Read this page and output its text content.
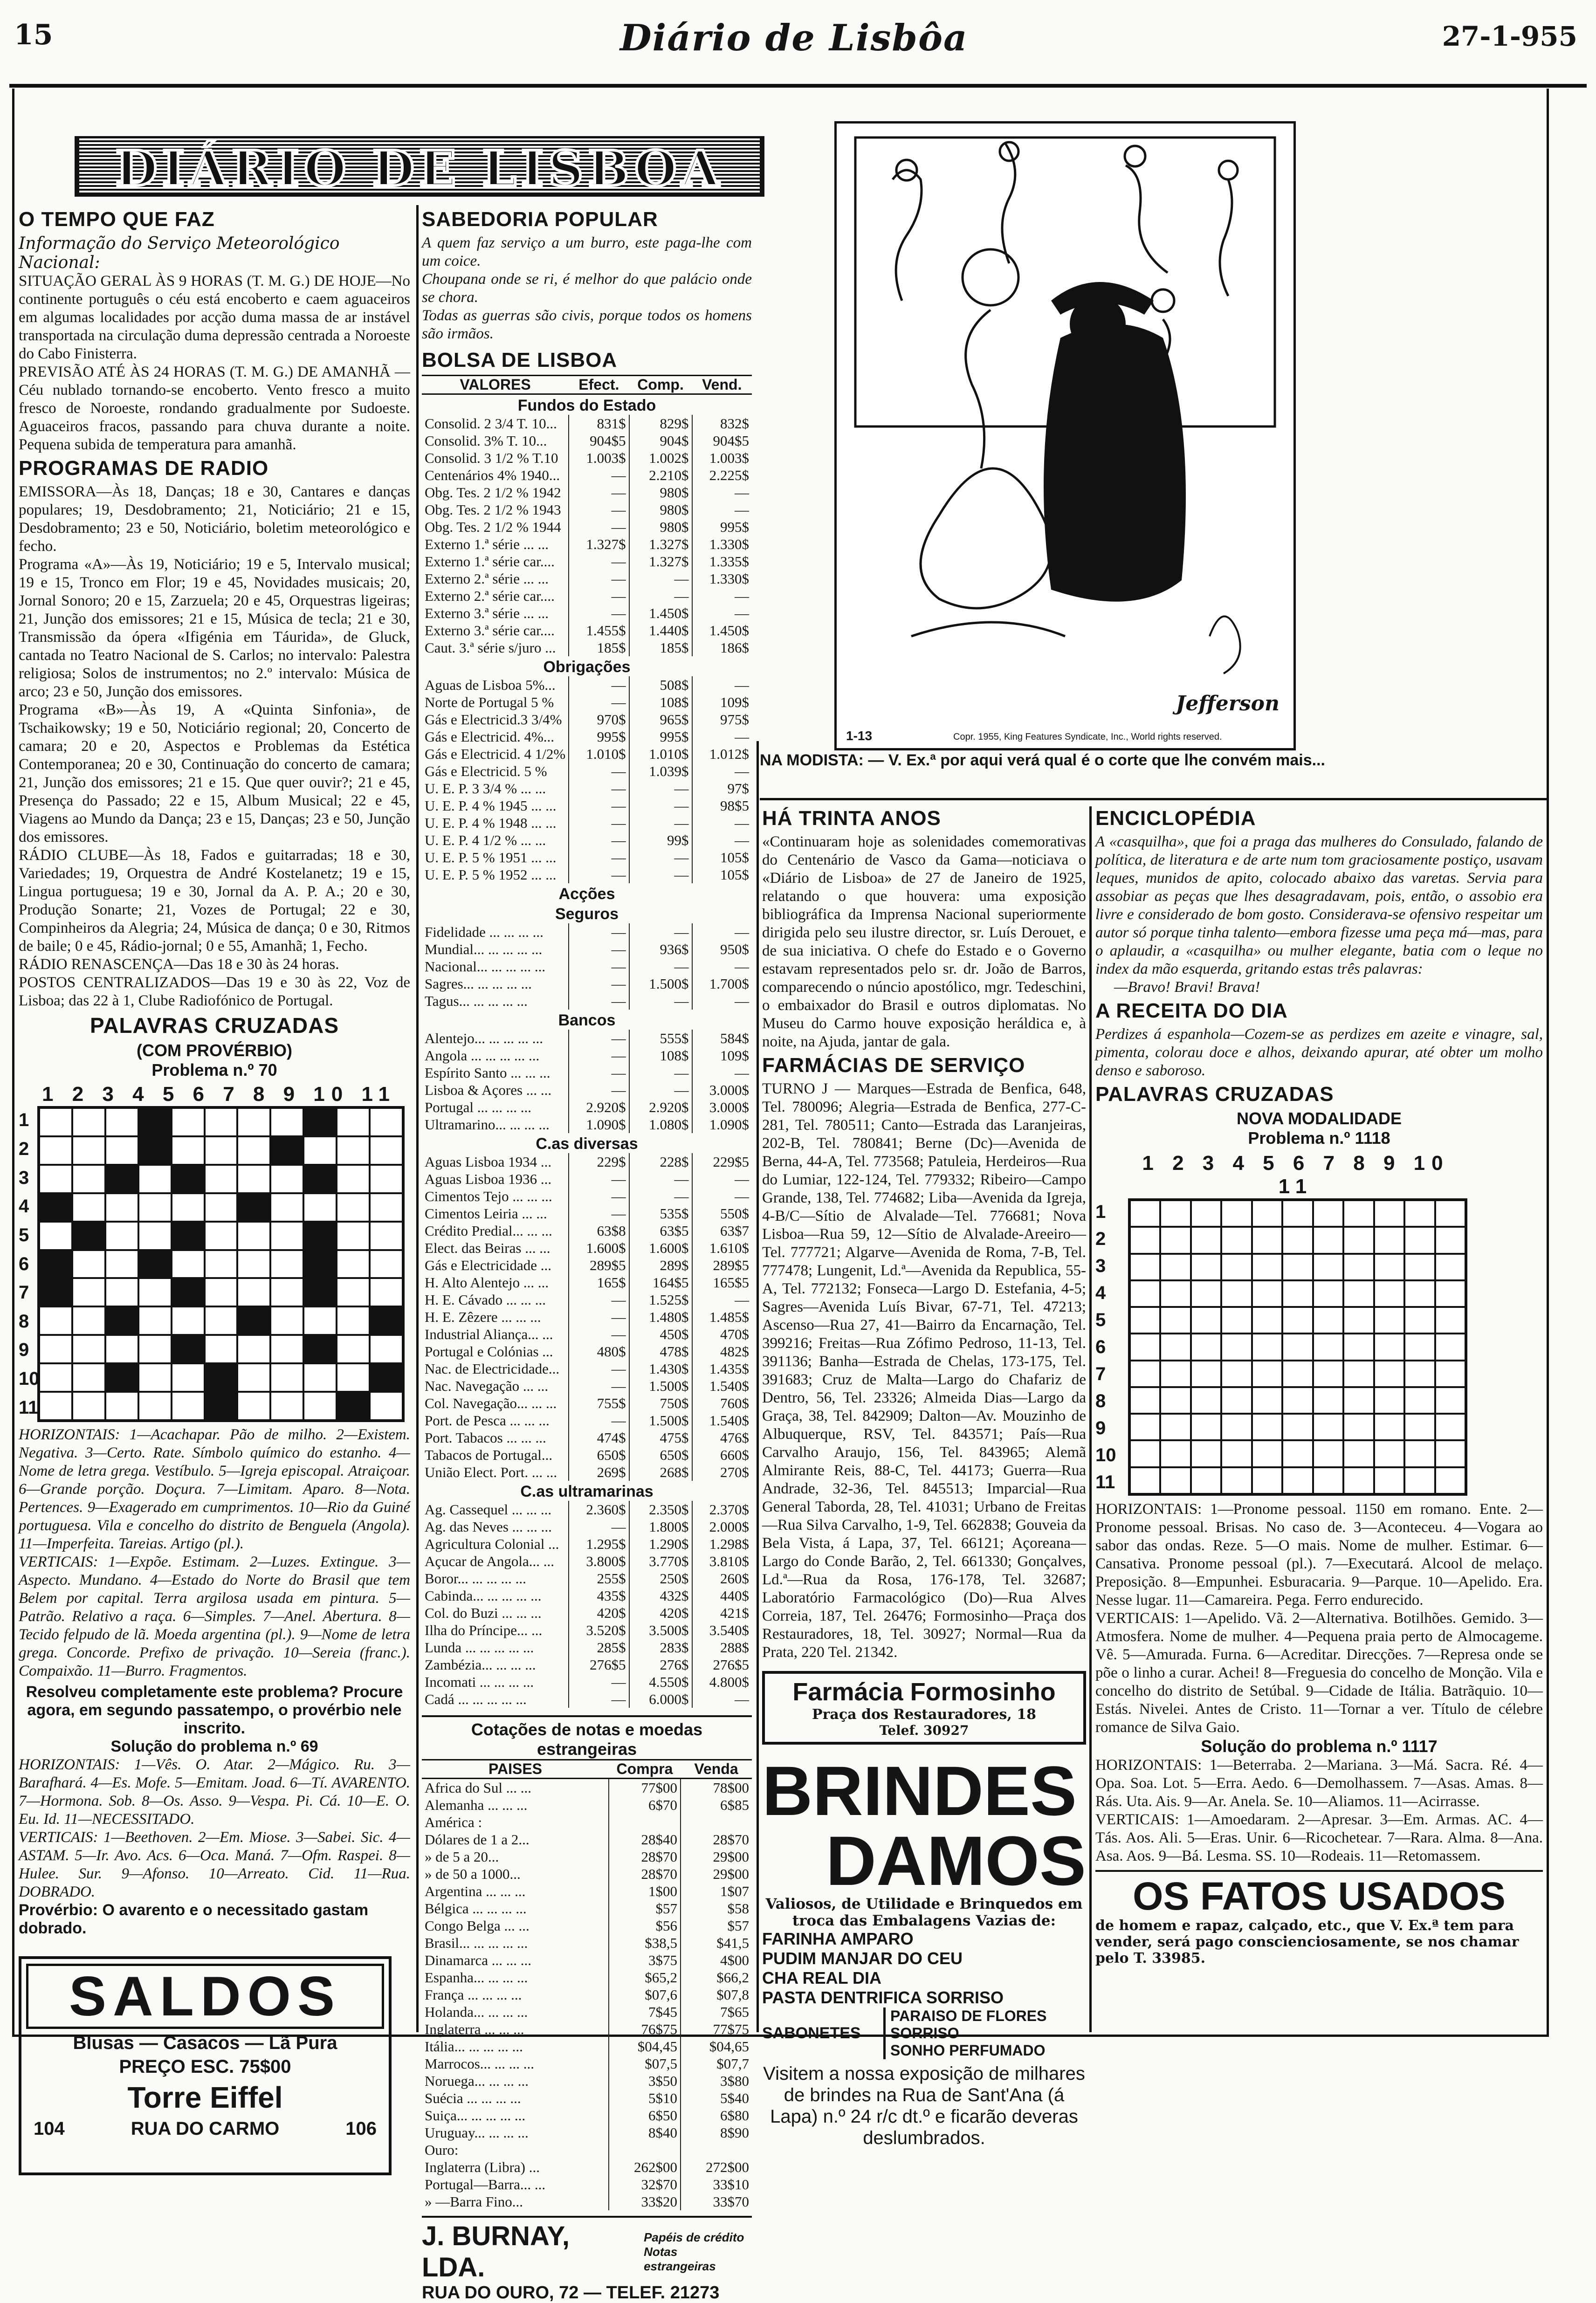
15	Diário de Lisbôa	27-1-955
DIÁRIO DE LISBOA
O TEMPO QUE FAZ
Informação do Serviço Meteorológico Nacional:

SITUAÇÃO GERAL ÀS 9 HORAS (T. M. G.) DE HOJE—No continente português o céu está encoberto e caem aguaceiros em algumas localidades por acção duma massa de ar instável transportada na circulação duma depressão centrada a Noroeste do Cabo Finisterra.

PREVISÃO ATÉ ÀS 24 HORAS (T. M. G.) DE AMANHÃ — Céu nublado tornando-se encoberto. Vento fresco a muito fresco de Noroeste, rondando gradualmente por Sudoeste. Aguaceiros fracos, passando para chuva durante a noite. Pequena subida de temperatura para amanhã.

PROGRAMAS DE RADIO

EMISSORA—Às 18, Danças; 18 e 30, Cantares e danças populares; 19, Desdobramento; 21, Noticiário; 21 e 15, Desdobramento; 23 e 50, Noticiário, boletim meteorológico e fecho.

Programa «A»—Às 19, Noticiário; 19 e 5, Intervalo musical; 19 e 15, Tronco em Flor; 19 e 45, Novidades musicais; 20, Jornal Sonoro; 20 e 15, Zarzuela; 20 e 45, Orquestras ligeiras; 21, Junção dos emissores; 21 e 15, Música de tecla; 21 e 30, Transmissão da ópera «Ifigénia em Táurida», de Gluck, cantada no Teatro Nacional de S. Carlos; no intervalo: Palestra religiosa; Solos de instrumentos; no 2.º intervalo: Música de arco; 23 e 50, Junção dos emissores.

Programa «B»—Às 19, A «Quinta Sinfonia», de Tschaikowsky; 19 e 50, Noticiário regional; 20, Concerto de camara; 20 e 20, Aspectos e Problemas da Estética Contemporanea; 20 e 30, Continuação do concerto de camara; 21, Junção dos emissores; 21 e 15. Que quer ouvir?; 21 e 45, Presença do Passado; 22 e 15, Album Musical; 22 e 45, Viagens ao Mundo da Dança; 23 e 15, Danças; 23 e 50, Junção dos emissores.

RÁDIO CLUBE—Às 18, Fados e guitarradas; 18 e 30, Variedades; 19, Orquestra de André Kostelanetz; 19 e 15, Lingua portuguesa; 19 e 30, Jornal da A. P. A.; 20 e 30, Produção Sonarte; 21, Vozes de Portugal; 22 e 30, Compinheiros da Alegria; 24, Música de dança; 0 e 30, Ritmos de baile; 0 e 45, Rádio-jornal; 0 e 55, Amanhã; 1, Fecho.

RÁDIO RENASCENÇA—Das 18 e 30 às 24 horas.

POSTOS CENTRALIZADOS—Das 19 e 30 às 22, Voz de Lisboa; das 22 à 1, Clube Radiofónico de Portugal.

PALAVRAS CRUZADAS
(COM PROVÉRBIO)
Problema n.º 70
1 2 3 4 5 6 7 8 9 10 11
1
2
3
4
5
6
7
8
9
10
11

HORIZONTAIS: 1—Acachapar. Pão de milho. 2—Existem. Negativa. 3—Certo. Rate. Símbolo químico do estanho. 4—Nome de letra grega. Vestíbulo. 5—Igreja episcopal. Atraiçoar. 6—Grande porção. Doçura. 7—Limitam. Aparo. 8—Nota. Pertences. 9—Exagerado em cumprimentos. 10—Rio da Guiné portuguesa. Vila e concelho do distrito de Benguela (Angola). 11—Imperfeita. Tareias. Artigo (pl.).

VERTICAIS: 1—Expõe. Estimam. 2—Luzes. Extingue. 3—Aspecto. Mundano. 4—Estado do Norte do Brasil que tem Belem por capital. Terra argilosa usada em pintura. 5—Patrão. Relativo a raça. 6—Simples. 7—Anel. Abertura. 8—Tecido felpudo de lã. Moeda argentina (pl.). 9—Nome de letra grega. Concorde. Prefixo de privação. 10—Sereia (franc.). Compaixão. 11—Burro. Fragmentos.

Resolveu completamente este problema? Procure agora, em segundo passatempo, o provérbio nele inscrito.
Solução do problema n.º 69

HORIZONTAIS: 1—Vês. O. Atar. 2—Mágico. Ru. 3—Barafhará. 4—Es. Mofe. 5—Emitam. Joad. 6—Tí. AVARENTO. 7—Hormona. Sob. 8—Os. Asso. 9—Vespa. Pi. Cá. 10—E. O. Eu. Id. 11—NECESSITADO.

VERTICAIS: 1—Beethoven. 2—Em. Miose. 3—Sabei. Sic. 4—ASTAM. 5—Ir. Avo. Acs. 6—Oca. Maná. 7—Ofm. Raspei. 8—Hulee. Sur. 9—Afonso. 10—Arreato. Cid. 11—Rua. DOBRADO.

Provérbio: O avarento e o necessitado gastam dobrado.
SALDOS
Blusas — Casacos — Lã Pura
PREÇO ESC. 75$00
Torre Eiffel
104	RUA DO CARMO	106
SABEDORIA POPULAR

A quem faz serviço a um burro, este paga-lhe com um coice.

Choupana onde se ri, é melhor do que palácio onde se chora.

Todas as guerras são civis, porque todos os homens são irmãos.

BOLSA DE LISBOA
VALORES	Efect.	Comp.	Vend.
Fundos do Estado			
Consolid. 2 3/4 T. 10...	831$	829$	832$
Consolid. 3% T. 10...	904$5	904$	904$5
Consolid. 3 1/2 % T.10	1.003$	1.002$	1.003$
Centenários 4% 1940...	—	2.210$	2.225$
Obg. Tes. 2 1/2 % 1942	—	980$	—
Obg. Tes. 2 1/2 % 1943	—	980$	—
Obg. Tes. 2 1/2 % 1944	—	980$	995$
Externo 1.ª série ... ...	1.327$	1.327$	1.330$
Externo 1.ª série car....	—	1.327$	1.335$
Externo 2.ª série ... ...	—	—	1.330$
Externo 2.ª série car....	—	—	—
Externo 3.ª série ... ...	—	1.450$	—
Externo 3.ª série car....	1.455$	1.440$	1.450$
Caut. 3.ª série s/juro ...	185$	185$	186$
Obrigações			
Aguas de Lisboa 5%...	—	508$	—
Norte de Portugal 5 %	—	108$	109$
Gás e Electricid.3 3/4%	970$	965$	975$
Gás e Electricid. 4%...	995$	995$	—
Gás e Electricid. 4 1/2%	1.010$	1.010$	1.012$
Gás e Electricid. 5 %	—	1.039$	—
U. E. P. 3 3/4 % ... ...	—	—	97$
U. E. P. 4 % 1945 ... ...	—	—	98$5
U. E. P. 4 % 1948 ... ...	—	—	—
U. E. P. 4 1/2 % ... ...	—	99$	—
U. E. P. 5 % 1951 ... ...	—	—	105$
U. E. P. 5 % 1952 ... ...	—	—	105$
Acções			
Seguros			
Fidelidade ... ... ... ...	—	—	—
Mundial... ... ... ... ...	—	936$	950$
Nacional... ... ... ... ...	—	—	—
Sagres... ... ... ... ...	—	1.500$	1.700$
Tagus... ... ... ... ...	—	—	—
Bancos			
Alentejo... ... ... ... ...	—	555$	584$
Angola ... ... ... ... ...	—	108$	109$
Espírito Santo ... ... ...	—	—	—
Lisboa & Açores ... ...	—	—	3.000$
Portugal ... ... ... ...	2.920$	2.920$	3.000$
Ultramarino... ... ... ...	1.090$	1.080$	1.090$
C.as diversas			
Aguas Lisboa 1934 ...	229$	228$	229$5
Aguas Lisboa 1936 ...	—	—	—
Cimentos Tejo ... ... ...	—	—	—
Cimentos Leiria ... ...	—	535$	550$
Crédito Predial... ... ...	63$8	63$5	63$7
Elect. das Beiras ... ...	1.600$	1.600$	1.610$
Gás e Electricidade ...	289$5	289$	289$5
H. Alto Alentejo ... ...	165$	164$5	165$5
H. E. Cávado ... ... ...	—	1.525$	—
H. E. Zêzere ... ... ...	—	1.480$	1.485$
Industrial Aliança... ...	—	450$	470$
Portugal e Colónias ...	480$	478$	482$
Nac. de Electricidade...	—	1.430$	1.435$
Nac. Navegação ... ...	—	1.500$	1.540$
Col. Navegação... ... ...	755$	750$	760$
Port. de Pesca ... ... ...	—	1.500$	1.540$
Port. Tabacos ... ... ...	474$	475$	476$
Tabacos de Portugal...	650$	650$	660$
União Elect. Port. ... ...	269$	268$	270$
C.as ultramarinas			
Ag. Cassequel ... ... ...	2.360$	2.350$	2.370$
Ag. das Neves ... ... ...	—	1.800$	2.000$
Agricultura Colonial ...	1.295$	1.290$	1.298$
Açucar de Angola... ...	3.800$	3.770$	3.810$
Boror... ... ... ... ...	255$	250$	260$
Cabinda... ... ... ... ...	435$	432$	440$
Col. do Buzi ... ... ...	420$	420$	421$
Ilha do Príncipe... ...	3.520$	3.500$	3.540$
Lunda ... ... ... ... ...	285$	283$	288$
Zambézia... ... ... ...	276$5	276$	276$5
Incomati ... ... ... ...	—	4.550$	4.800$
Cadá ... ... ... ... ...	—	6.000$	—
Cotações de notas e moedas estrangeiras
PAISES	Compra	Venda
Africa do Sul ... ...	77$00	78$00
Alemanha ... ... ...	6$70	6$85
América :		
Dólares de 1 a 2...	28$40	28$70
» de 5 a 20...	28$70	29$00
» de 50 a 1000...	28$70	29$00
Argentina ... ... ...	1$00	1$07
Bélgica ... ... ... ...	$57	$58
Congo Belga ... ...	$56	$57
Brasil... ... ... ... ...	$38,5	$41,5
Dinamarca ... ... ...	3$75	4$00
Espanha... ... ... ...	$65,2	$66,2
França ... ... ... ...	$07,6	$07,8
Holanda... ... ... ...	7$45	7$65
Inglaterra ... ... ...	76$75	77$75
Itália... ... ... ... ...	$04,45	$04,65
Marrocos... ... ... ...	$07,5	$07,7
Noruega... ... ... ...	3$50	3$80
Suécia ... ... ... ...	5$10	5$40
Suiça... ... ... ... ...	6$50	6$80
Uruguay... ... ... ...	8$40	8$90
Ouro:		
Inglaterra (Libra) ...	262$00	272$00
Portugal—Barra... ...	32$70	33$10
» —Barra Fino...	33$20	33$70
J. BURNAY, LDA.
Papéis de crédito
Notas estrangeiras
RUA DO OURO, 72 — TELEF. 21273
1-13	Copr. 1955, King Features Syndicate, Inc., World rights reserved.
Jefferson
NA MODISTA: — V. Ex.ª por aqui verá qual é o corte que lhe convém mais...
HÁ TRINTA ANOS

«Continuaram hoje as solenidades comemorativas do Centenário de Vasco da Gama—noticiava o «Diário de Lisboa» de 27 de Janeiro de 1925, relatando o que houvera: uma exposição bibliográfica da Imprensa Nacional superiormente dirigida pelo seu ilustre director, sr. Luís Derouet, e de sua iniciativa. O chefe do Estado e o Governo estavam representados pelo sr. dr. João de Barros, comparecendo o núncio apostólico, mgr. Tedeschini, o embaixador do Brasil e outros diplomatas. No Museu do Carmo houve exposição heráldica e, à noite, na Ajuda, jantar de gala.

FARMÁCIAS DE SERVIÇO

TURNO J — Marques—Estrada de Benfica, 648, Tel. 780096; Alegria—Estrada de Benfica, 277-C-281, Tel. 780511; Canto—Estrada das Laranjeiras, 202-B, Tel. 780841; Berne (Dc)—Avenida de Berna, 44-A, Tel. 773568; Patuleia, Herdeiros—Rua do Lumiar, 122-124, Tel. 779332; Ribeiro—Campo Grande, 138, Tel. 774682; Liba—Avenida da Igreja, 4-B/C—Sítio de Alvalade—Tel. 776681; Nova Lisboa—Rua 59, 12—Sítio de Alvalade-Areeiro—Tel. 777721; Algarve—Avenida de Roma, 7-B, Tel. 777478; Lungenit, Ld.ª—Avenida da Republica, 55-A, Tel. 772132; Fonseca—Largo D. Estefania, 4-5; Sagres—Avenida Luís Bivar, 67-71, Tel. 47213; Ascenso—Rua 27, 41—Bairro da Encarnação, Tel. 399216; Freitas—Rua Zófimo Pedroso, 11-13, Tel. 391136; Banha—Estrada de Chelas, 173-175, Tel. 391683; Cruz de Malta—Largo do Chafariz de Dentro, 56, Tel. 23326; Almeida Dias—Largo da Graça, 38, Tel. 842909; Dalton—Av. Mouzinho de Albuquerque, RSV, Tel. 843571; País—Rua Carvalho Araujo, 156, Tel. 843965; Alemã Almirante Reis, 88-C, Tel. 44173; Guerra—Rua Andrade, 32-36, Tel. 845513; Imparcial—Rua General Taborda, 28, Tel. 41031; Urbano de Freitas—Rua Silva Carvalho, 1-9, Tel. 662838; Gouveia da Bela Vista, á Lapa, 37, Tel. 66121; Açoreana—Largo do Conde Barão, 2, Tel. 661330; Gonçalves, Ld.ª—Rua da Rosa, 176-178, Tel. 32687; Laboratório Farmacológico (Do)—Rua Alves Correia, 187, Tel. 26476; Formosinho—Praça dos Restauradores, 18, Tel. 30927; Normal—Rua da Prata, 220 Tel. 21342.

Farmácia Formosinho
Praça dos Restauradores, 18
Telef. 30927
BRINDES
DAMOS
Valiosos, de Utilidade e Brinquedos em troca das Embalagens Vazias de:
FARINHA AMPARO
PUDIM MANJAR DO CEU
CHA REAL DIA
PASTA DENTRIFICA SORRISO
SABONETES
PARAISO DE FLORES
SORRISO
SONHO PERFUMADO
Visitem a nossa exposição de milhares de brindes na Rua de Sant'Ana (á Lapa) n.º 24 r/c dt.º e ficarão deveras deslumbrados.
ENCICLOPÉDIA

A «casquilha», que foi a praga das mulheres do Consulado, falando de política, de literatura e de arte num tom graciosamente postiço, usavam leques, munidos de apito, colocado abaixo das varetas. Servia para assobiar as peças que lhes desagradavam, pois, então, o assobio era livre e considerado de bom gosto. Considerava-se ofensivo respeitar um autor só porque tinha talento—embora fizesse uma peça má—mas, para o aplaudir, a «casquilha» ou mulher elegante, batia com o leque no index da mão esquerda, gritando estas três palavras:

—Bravo! Bravi! Brava!

A RECEITA DO DIA

Perdizes á espanhola—Cozem-se as perdizes em azeite e vinagre, sal, pimenta, colorau doce e alhos, deixando apurar, até obter um molho denso e saboroso.

PALAVRAS CRUZADAS
NOVA MODALIDADE
Problema n.º 1118
1 2 3 4 5 6 7 8 9 10 11
1
2
3
4
5
6
7
8
9
10
11

HORIZONTAIS: 1—Pronome pessoal. 1150 em romano. Ente. 2—Pronome pessoal. Brisas. No caso de. 3—Aconteceu. 4—Vogara ao sabor das ondas. Reze. 5—O mais. Nome de mulher. Estimar. 6—Cansativa. Pronome pessoal (pl.). 7—Executará. Alcool de melaço. Preposição. 8—Empunhei. Esburacaria. 9—Parque. 10—Apelido. Era. Nesse lugar. 11—Camareira. Pega. Ferro endurecido.

VERTICAIS: 1—Apelido. Vã. 2—Alternativa. Botilhões. Gemido. 3—Atmosfera. Nome de mulher. 4—Pequena praia perto de Almocageme. Vê. 5—Amurada. Furna. 6—Acreditar. Direcções. 7—Represa onde se põe o linho a curar. Achei! 8—Freguesia do concelho de Monção. Vila e concelho do distrito de Setúbal. 9—Cidade de Itália. Batrãquio. 10—Estás. Nivelei. Antes de Cristo. 11—Tornar a ver. Título de célebre romance de Silva Gaio.

Solução do problema n.º 1117

HORIZONTAIS: 1—Beterraba. 2—Mariana. 3—Má. Sacra. Ré. 4—Opa. Soa. Lot. 5—Erra. Aedo. 6—Demolhassem. 7—Asas. Amas. 8—Rás. Uta. Ais. 9—Ar. Anela. Se. 10—Aliamos. 11—Acirrasse.

VERTICAIS: 1—Amoedaram. 2—Apresar. 3—Em. Armas. AC. 4—Tás. Aos. Ali. 5—Eras. Unir. 6—Ricochetear. 7—Rara. Alma. 8—Ana. Asa. Aos. 9—Bá. Lesma. SS. 10—Rodeais. 11—Retomassem.

OS FATOS USADOS
de homem e rapaz, calçado, etc., que V. Ex.ª tem para vender, será pago conscienciosamente, se nos chamar pelo T. 33985.
